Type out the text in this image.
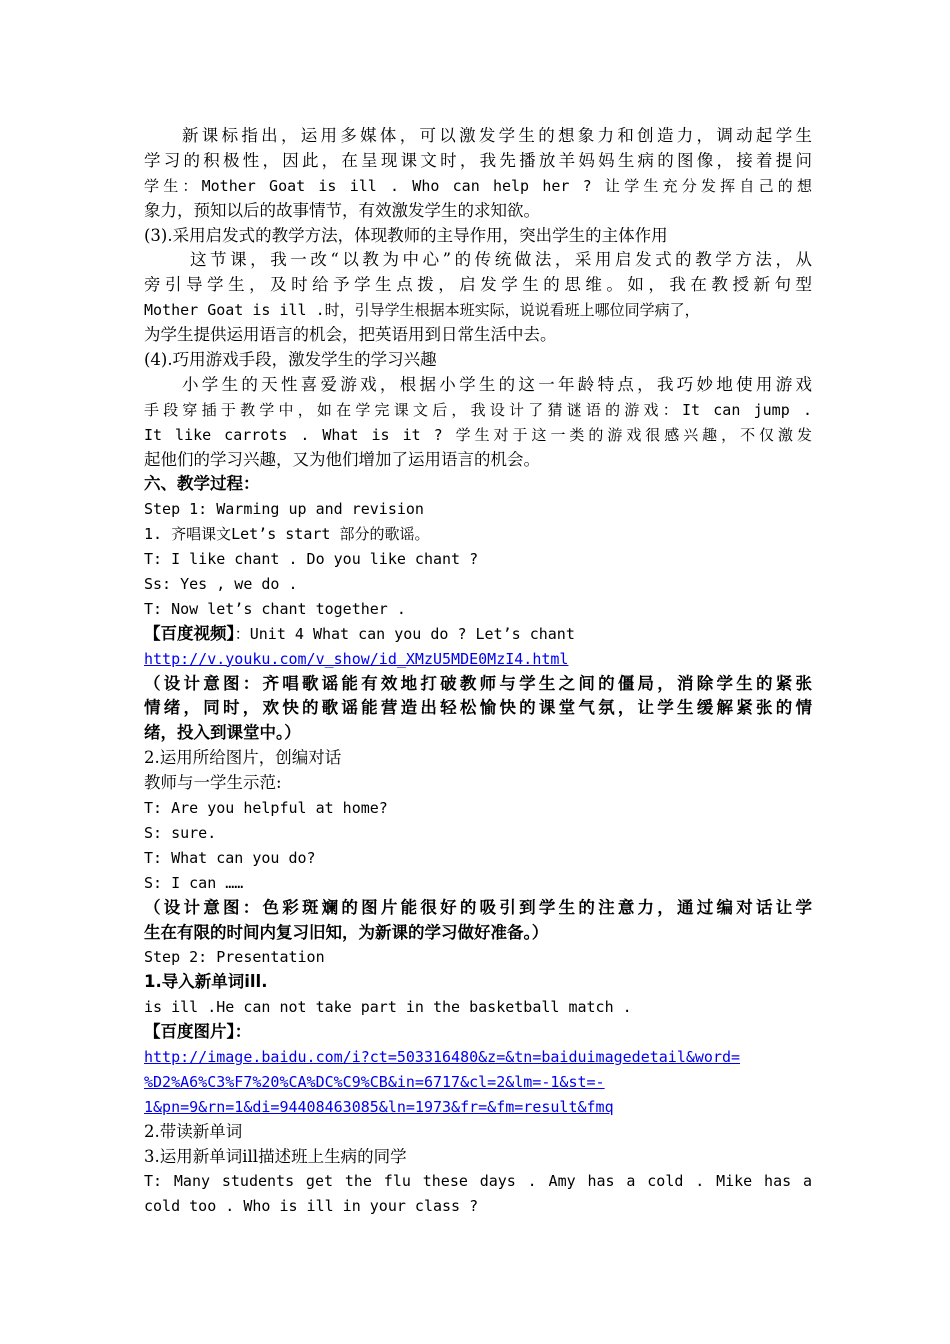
新课标指出，运用多媒体，可以激发学生的想象力和创造力，调动起学生
学习的积极性，因此，在呈现课文时，我先播放羊妈妈生病的图像，接着提问
学生：Mother Goat is ill . Who can help her ? 让学生充分发挥自己的想
象力，预知以后的故事情节，有效激发学生的求知欲。
(3).采用启发式的教学方法，体现教师的主导作用，突出学生的主体作用
这节课，我一改“以教为中心”的传统做法，采用启发式的教学方法，从
旁引导学生，及时给予学生点拨，启发学生的思维。如，我在教授新句型
Mother Goat is ill .时，引导学生根据本班实际，说说看班上哪位同学病了，
为学生提供运用语言的机会，把英语用到日常生活中去。
(4).巧用游戏手段，激发学生的学习兴趣
小学生的天性喜爱游戏，根据小学生的这一年龄特点，我巧妙地使用游戏
手段穿插于教学中，如在学完课文后，我设计了猜谜语的游戏：It can jump .
It like carrots . What is it ? 学生对于这一类的游戏很感兴趣，不仅激发
起他们的学习兴趣，又为他们增加了运用语言的机会。
六、教学过程：
Step 1: Warming up and revision
1. 齐唱课文Let’s start 部分的歌谣。
T: I like chant . Do you like chant ?
Ss: Yes , we do .
T: Now let’s chant together .
【百度视频】：Unit 4 What can you do ? Let’s chant
http://v.youku.com/v_show/id_XMzU5MDE0MzI4.html
（设计意图：齐唱歌谣能有效地打破教师与学生之间的僵局，消除学生的紧张
情绪，同时，欢快的歌谣能营造出轻松愉快的课堂气氛，让学生缓解紧张的情
绪，投入到课堂中。）
2.运用所给图片，创编对话
教师与一学生示范:
T: Are you helpful at home?
S: sure.
T: What can you do?
S: I can ……
（设计意图：色彩斑斓的图片能很好的吸引到学生的注意力，通过编对话让学
生在有限的时间内复习旧知，为新课的学习做好准备。）
Step 2: Presentation
1.导入新单词ill.
is ill .He can not take part in the basketball match .
【百度图片】：
http://image.baidu.com/i?ct=503316480&z=&tn=baiduimagedetail&word=
%D2%A6%C3%F7%20%CA%DC%C9%CB&in=6717&cl=2&lm=-1&st=-
1&pn=9&rn=1&di=94408463085&ln=1973&fr=&fm=result&fmq
2.带读新单词
3.运用新单词ill描述班上生病的同学
T: Many students get the flu these days . Amy has a cold . Mike has a
cold too . Who is ill in your class ?
